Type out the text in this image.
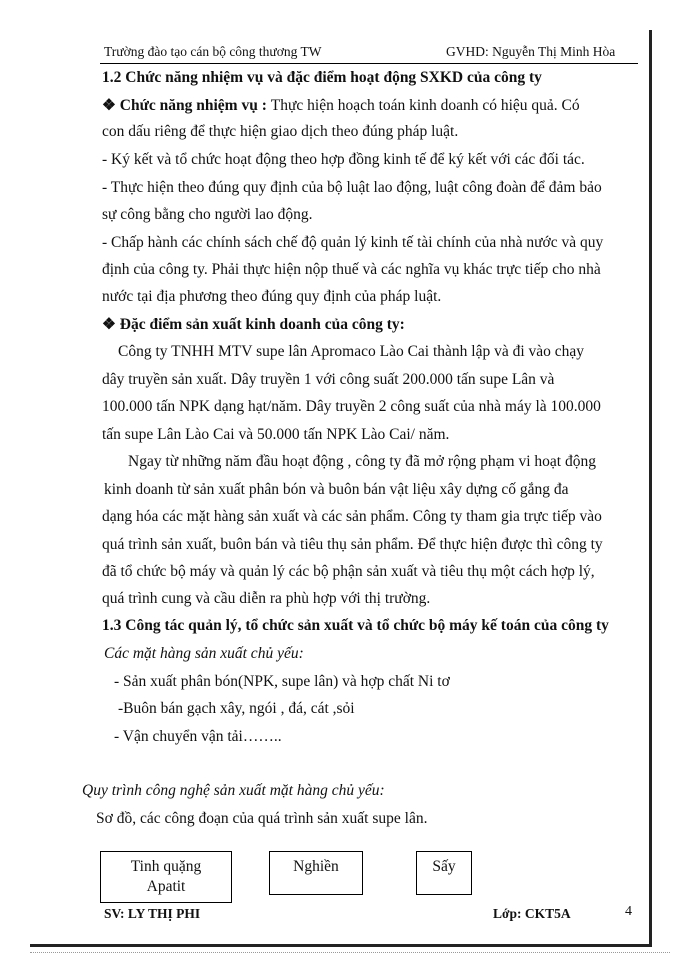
Trường đào tạo cán bộ công thương TW	GVHD: Nguyễn Thị Minh Hòa
1.2 Chức năng nhiệm vụ và đặc điểm hoạt động SXKD của công ty
❖ Chức năng nhiệm vụ : Thực hiện hoạch toán kinh doanh có hiệu quả. Có
con dấu riêng để thực hiện giao dịch theo đúng pháp luật.
- Ký kết và tổ chức hoạt động theo hợp đồng kinh tế để ký kết với các đối tác.
- Thực hiện theo đúng quy định của bộ luật lao động, luật công đoàn để đảm bảo
sự công bằng cho người lao động.
- Chấp hành các chính sách chế độ quản lý kinh tế tài chính của nhà nước và quy
định của công ty. Phải thực hiện nộp thuế và các nghĩa vụ khác trực tiếp cho nhà
nước tại địa phương theo đúng quy định của pháp luật.
❖ Đặc điểm sản xuất kinh doanh của công ty:
Công ty TNHH MTV supe lân Apromaco Lào Cai thành lập và đi vào chạy
dây truyền sản xuất. Dây truyền 1 với công suất 200.000 tấn supe Lân và
100.000 tấn NPK dạng hạt/năm. Dây truyền 2 công suất của nhà máy là 100.000
tấn supe Lân Lào Cai và 50.000 tấn NPK Lào Cai/ năm.
Ngay từ những năm đầu hoạt động , công ty đã mở rộng phạm vi hoạt động
kinh doanh từ sản xuất phân bón và buôn bán vật liệu xây dựng cố gắng đa
dạng hóa các mặt hàng sản xuất và các sản phẩm. Công ty tham gia trực tiếp vào
quá trình sản xuất, buôn bán và tiêu thụ sản phẩm. Để thực hiện được thì công ty
đã tổ chức bộ máy và quản lý các bộ phận sản xuất và tiêu thụ một cách hợp lý,
quá trình cung và cầu diễn ra phù hợp với thị trường.
1.3 Công tác quản lý, tổ chức sản xuất và tổ chức bộ máy kế toán của công ty
Các mặt hàng sản xuất chủ yếu:
- Sản xuất phân bón(NPK, supe lân) và hợp chất Ni tơ
-Buôn bán gạch xây, ngói , đá, cát ,sỏi
- Vận chuyển vận tải……..
Quy trình công nghệ sản xuất mặt hàng chủ yếu:
Sơ đồ, các công đoạn của quá trình sản xuất supe lân.
Tinh quặng
Apatit
Nghiền	Sấy
SV: LY THỊ PHI	Lớp: CKT5A	4
